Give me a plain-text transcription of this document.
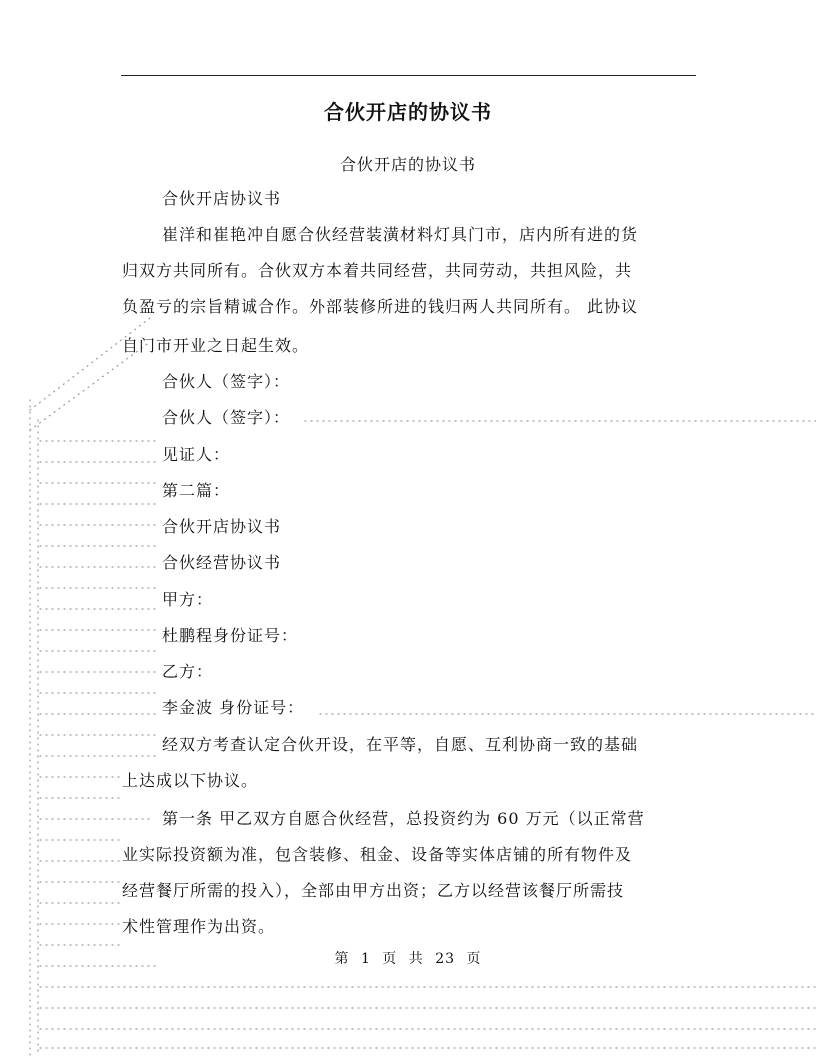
合伙开店的协议书
合伙开店的协议书
合伙开店协议书
崔洋和崔艳冲自愿合伙经营装潢材料灯具门市，店内所有进的货
归双方共同所有。合伙双方本着共同经营，共同劳动，共担风险，共
负盈亏的宗旨精诚合作。外部装修所进的钱归两人共同所有。 此协议
自门市开业之日起生效。
合伙人（签字）：
合伙人（签字）：
见证人：
第二篇：
合伙开店协议书
合伙经营协议书
甲方：
杜鹏程身份证号：
乙方：
李金波 身份证号：
经双方考查认定合伙开设，在平等，自愿、互利协商一致的基础
上达成以下协议。
第一条 甲乙双方自愿合伙经营，总投资约为 60 万元（以正常营
业实际投资额为准，包含装修、租金、设备等实体店铺的所有物件及
经营餐厅所需的投入），全部由甲方出资；乙方以经营该餐厅所需技
术性管理作为出资。
第 1 页 共 23 页
